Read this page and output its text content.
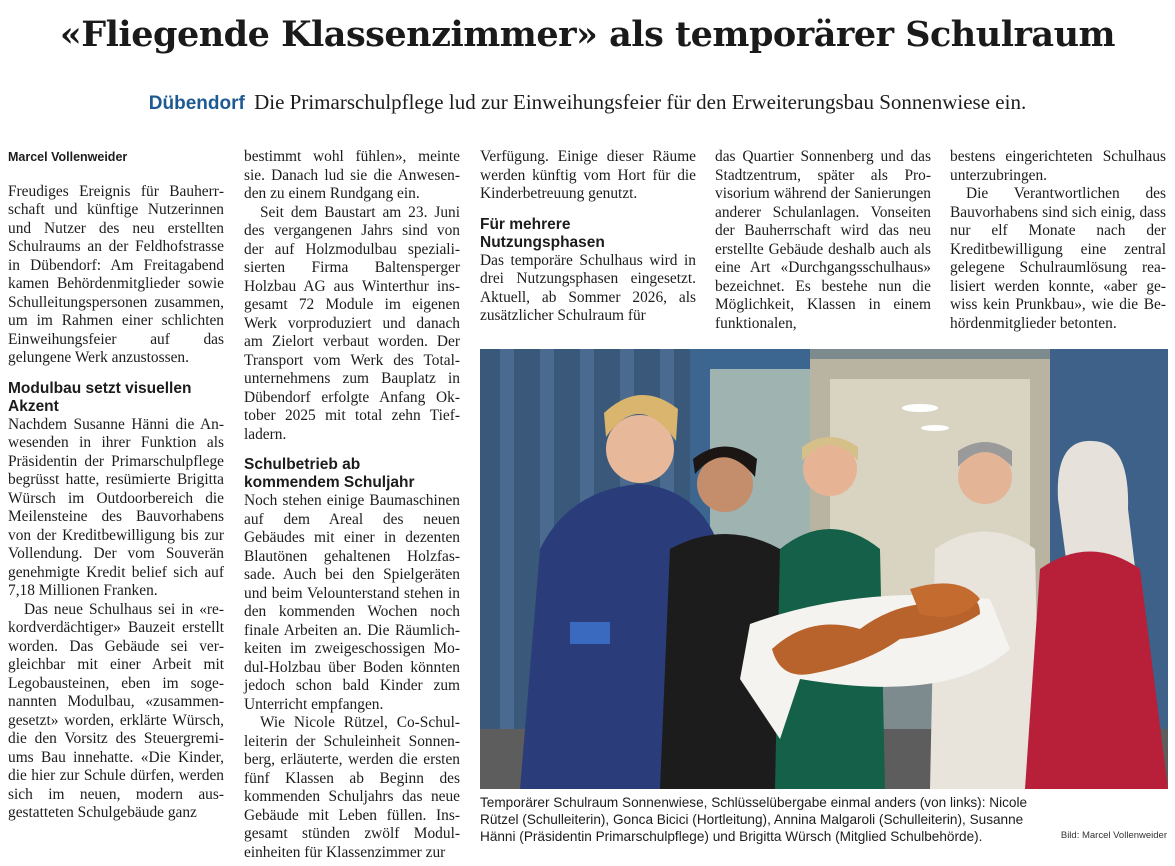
«Fliegende Klassenzimmer» als temporärer Schulraum
Dübendorf Die Primarschulpflege lud zur Einweihungsfeier für den Erweiterungsbau Sonnenwiese ein.
Marcel Vollenweider

Freudiges Ereignis für Bauherrschaft und künftige Nutzerinnen und Nutzer des neu erstellten Schulraums an der Feldhofstrasse in Dübendorf: Am Freitagabend kamen Behördenmitglieder sowie Schulleitungspersonen zusammen, um im Rahmen einer schlichten Einweihungsfeier auf das gelungene Werk anzustossen.

Modulbau setzt visuellen Akzent

Nachdem Susanne Hänni die Anwesenden in ihrer Funktion als Präsidentin der Primarschulpflege begrüsst hatte, resümierte Brigitta Würsch im Outdoorbereich die Meilensteine des Bauvorhabens von der Kreditbewilligung bis zur Vollendung. Der vom Souverän genehmigte Kredit belief sich auf 7,18 Millionen Franken.

Das neue Schulhaus sei in «rekordverdächtiger» Bauzeit erstellt worden. Das Gebäude sei vergleichbar mit einer Arbeit mit Legobausteinen, eben im sogenannten Modulbau, «zusammengesetzt» worden, erklärte Würsch, die den Vorsitz des Steuergremiums Bau innehatte. «Die Kinder, die hier zur Schule dürfen, werden sich im neuen, modern ausgestatteten Schulgebäude ganz

bestimmt wohl fühlen», meinte sie. Danach lud sie die Anwesenden zu einem Rundgang ein.

Seit dem Baustart am 23. Juni des vergangenen Jahrs sind von der auf Holzmodulbau spezialisierten Firma Baltensperger Holzbau AG aus Winterthur insgesamt 72 Module im eigenen Werk vorproduziert und danach am Zielort verbaut worden. Der Transport vom Werk des Totalunternehmens zum Bauplatz in Dübendorf erfolgte Anfang Oktober 2025 mit total zehn Tiefladern.

Schulbetrieb ab kommendem Schuljahr

Noch stehen einige Baumaschinen auf dem Areal des neuen Gebäudes mit einer in dezenten Blautönen gehaltenen Holzfassade. Auch bei den Spielgeräten und beim Velounterstand stehen in den kommenden Wochen noch finale Arbeiten an. Die Räumlichkeiten im zweigeschossigen Modul-Holzbau über Boden könnten jedoch schon bald Kinder zum Unterricht empfangen.

Wie Nicole Rützel, Co-Schulleiterin der Schuleinheit Sonnenberg, erläuterte, werden die ersten fünf Klassen ab Beginn des kommenden Schuljahrs das neue Gebäude mit Leben füllen. Insgesamt stünden zwölf Moduleinheiten für Klassenzimmer zur

Verfügung. Einige dieser Räume werden künftig vom Hort für die Kinderbetreuung genutzt.

Für mehrere Nutzungsphasen

Das temporäre Schulhaus wird in drei Nutzungsphasen eingesetzt. Aktuell, ab Sommer 2026, als zusätzlicher Schulraum für

das Quartier Sonnenberg und das Stadtzentrum, später als Provisorium während der Sanierungen anderer Schulanlagen. Vonseiten der Bauherrschaft wird das neu erstellte Gebäude deshalb auch als eine Art «Durchgangsschulhaus» bezeichnet. Es bestehe nun die Möglichkeit, Klassen in einem funktionalen,

bestens eingerichteten Schulhaus unterzubringen.

Die Verantwortlichen des Bauvorhabens sind sich einig, dass nur elf Monate nach der Kreditbewilligung eine zentral gelegene Schulraumlösung realisiert werden konnte, «aber gewiss kein Prunkbau», wie die Behördenmitglieder betonten.

Temporärer Schulraum Sonnenwiese, Schlüsselübergabe einmal anders (von links): Nicole Rützel (Schulleiterin), Gonca Bicici (Hortleitung), Annina Malgaroli (Schulleiterin), Susanne Hänni (Präsidentin Primarschulpflege) und Brigitta Würsch (Mitglied Schulbehörde).	Bild: Marcel Vollenweider
